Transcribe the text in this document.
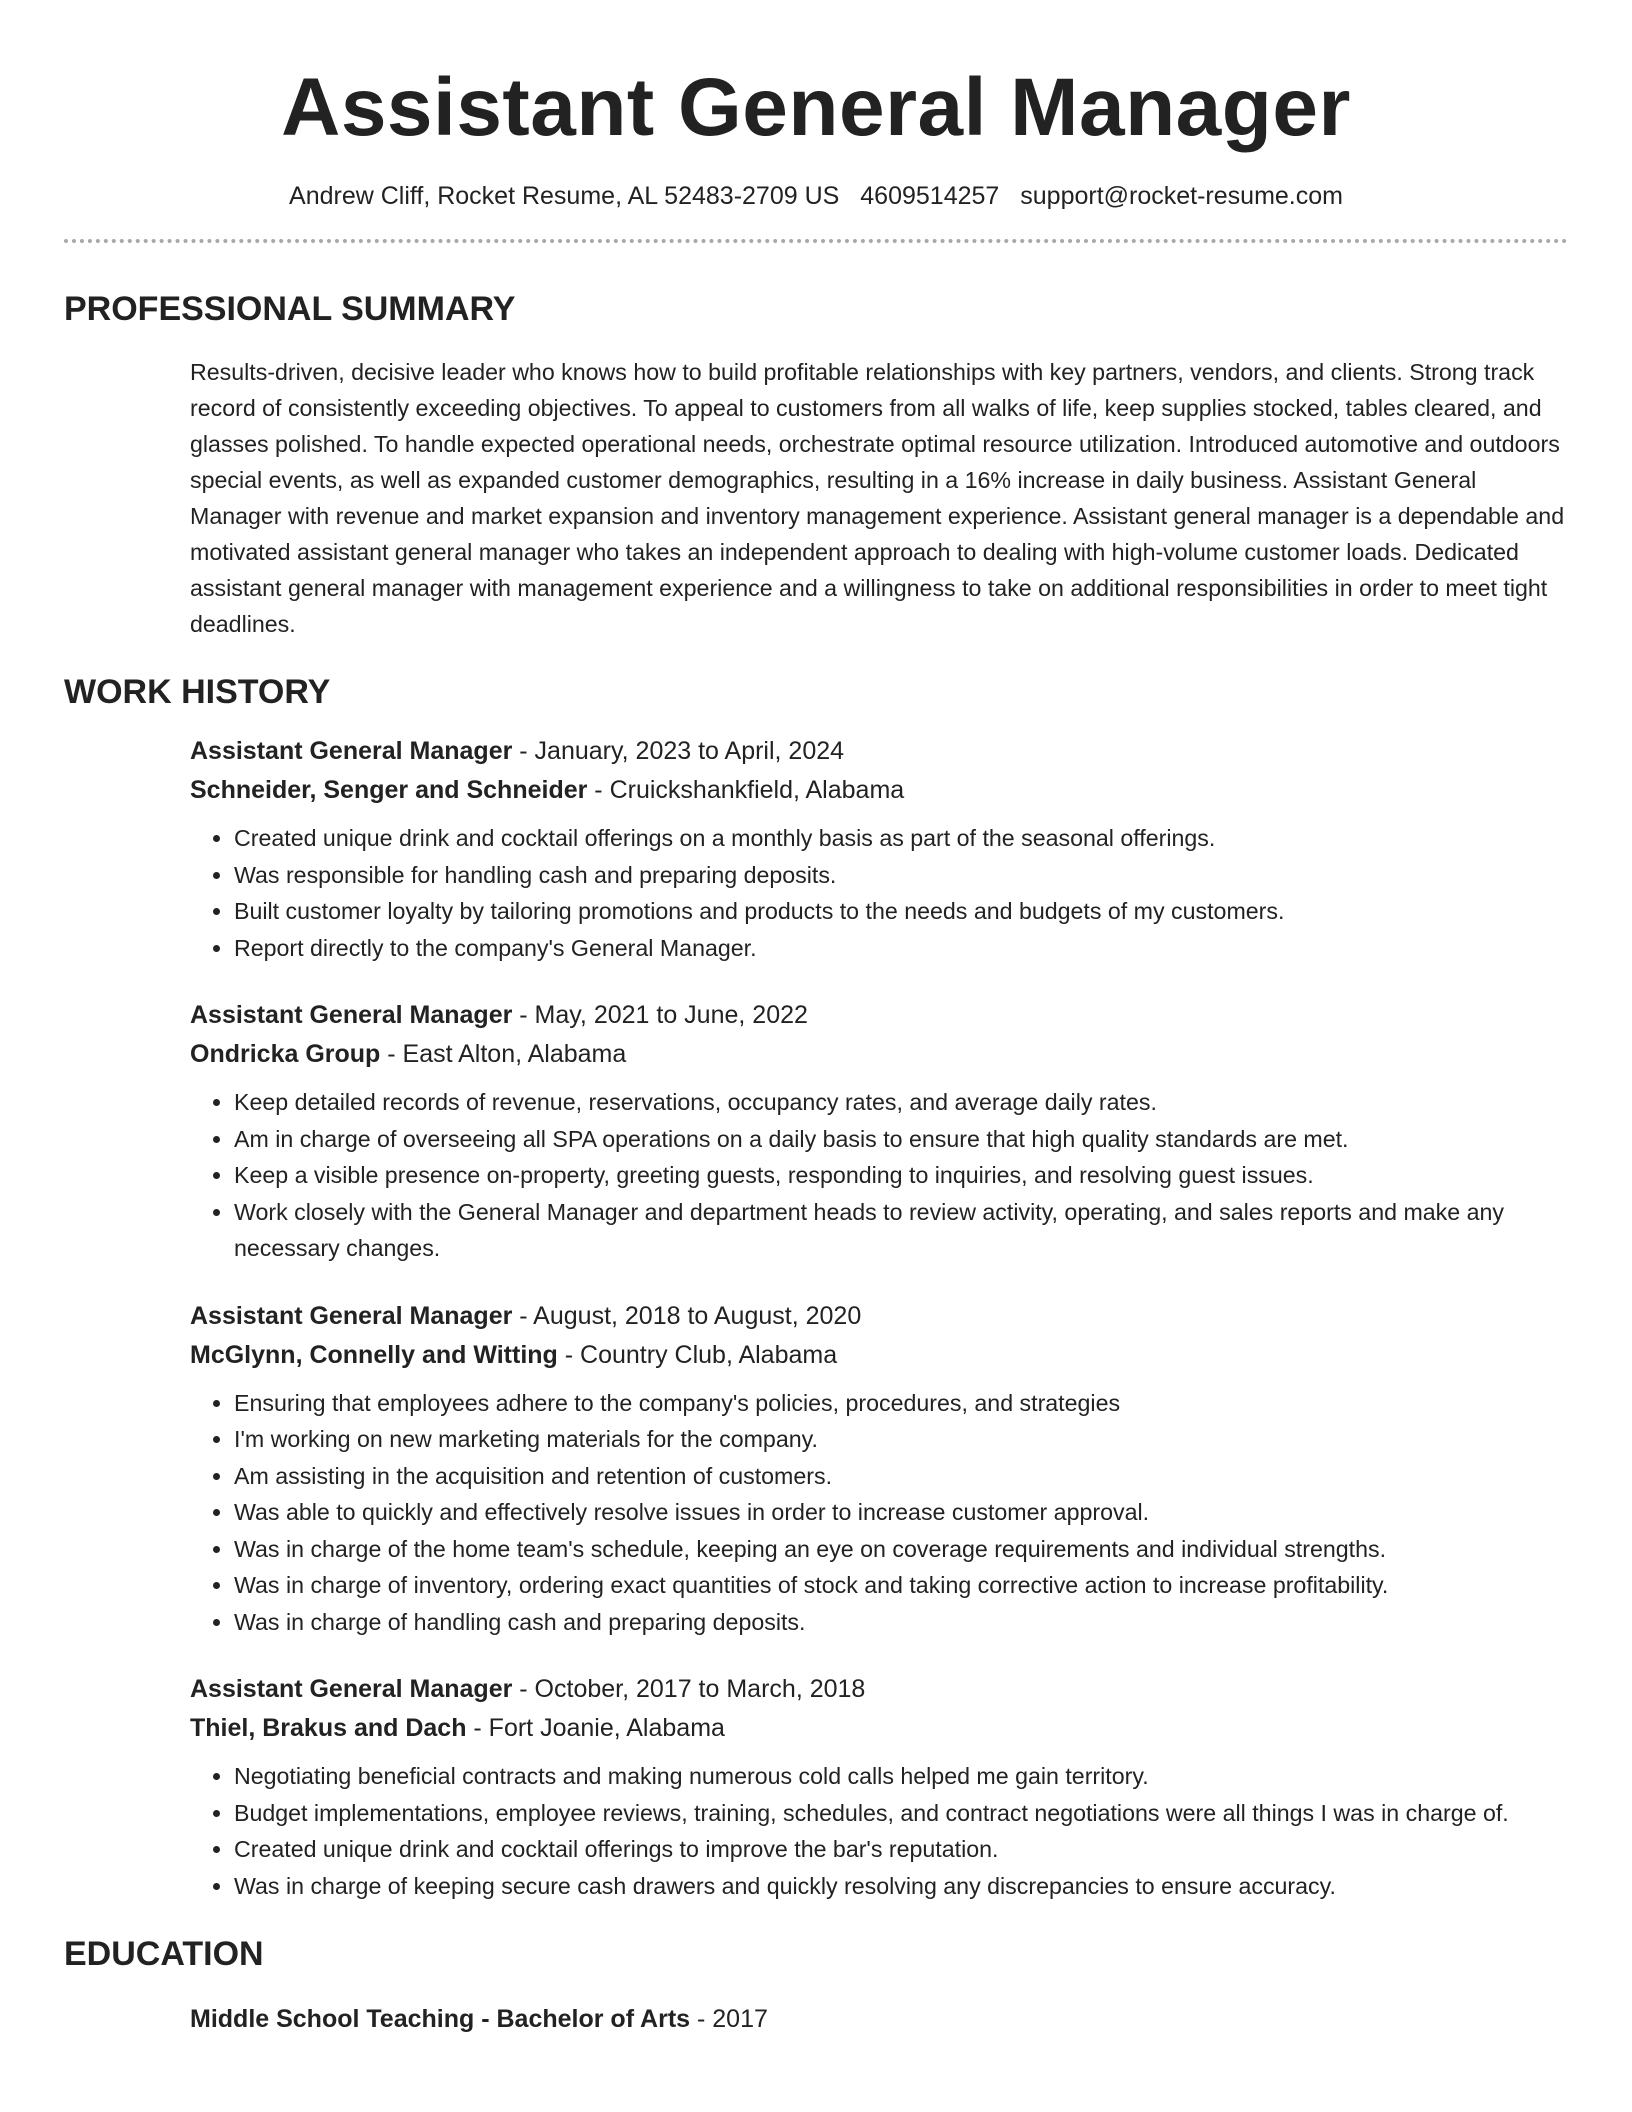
Assistant General Manager
Andrew Cliff, Rocket Resume, AL 52483-2709 US 4609514257 support@rocket-resume.com
PROFESSIONAL SUMMARY
Results-driven, decisive leader who knows how to build profitable relationships with key partners, vendors, and clients. Strong track record of consistently exceeding objectives. To appeal to customers from all walks of life, keep supplies stocked, tables cleared, and glasses polished. To handle expected operational needs, orchestrate optimal resource utilization. Introduced automotive and outdoors special events, as well as expanded customer demographics, resulting in a 16% increase in daily business. Assistant General Manager with revenue and market expansion and inventory management experience. Assistant general manager is a dependable and motivated assistant general manager who takes an independent approach to dealing with high-volume customer loads. Dedicated assistant general manager with management experience and a willingness to take on additional responsibilities in order to meet tight deadlines.
WORK HISTORY
Assistant General Manager - January, 2023 to April, 2024
Schneider, Senger and Schneider - Cruickshankfield, Alabama
• Created unique drink and cocktail offerings on a monthly basis as part of the seasonal offerings.
• Was responsible for handling cash and preparing deposits.
• Built customer loyalty by tailoring promotions and products to the needs and budgets of my customers.
• Report directly to the company's General Manager.
Assistant General Manager - May, 2021 to June, 2022
Ondricka Group - East Alton, Alabama
• Keep detailed records of revenue, reservations, occupancy rates, and average daily rates.
• Am in charge of overseeing all SPA operations on a daily basis to ensure that high quality standards are met.
• Keep a visible presence on-property, greeting guests, responding to inquiries, and resolving guest issues.
• Work closely with the General Manager and department heads to review activity, operating, and sales reports and make any necessary changes.
Assistant General Manager - August, 2018 to August, 2020
McGlynn, Connelly and Witting - Country Club, Alabama
• Ensuring that employees adhere to the company's policies, procedures, and strategies
• I'm working on new marketing materials for the company.
• Am assisting in the acquisition and retention of customers.
• Was able to quickly and effectively resolve issues in order to increase customer approval.
• Was in charge of the home team's schedule, keeping an eye on coverage requirements and individual strengths.
• Was in charge of inventory, ordering exact quantities of stock and taking corrective action to increase profitability.
• Was in charge of handling cash and preparing deposits.
Assistant General Manager - October, 2017 to March, 2018
Thiel, Brakus and Dach - Fort Joanie, Alabama
• Negotiating beneficial contracts and making numerous cold calls helped me gain territory.
• Budget implementations, employee reviews, training, schedules, and contract negotiations were all things I was in charge of.
• Created unique drink and cocktail offerings to improve the bar's reputation.
• Was in charge of keeping secure cash drawers and quickly resolving any discrepancies to ensure accuracy.
EDUCATION
Middle School Teaching - Bachelor of Arts - 2017
